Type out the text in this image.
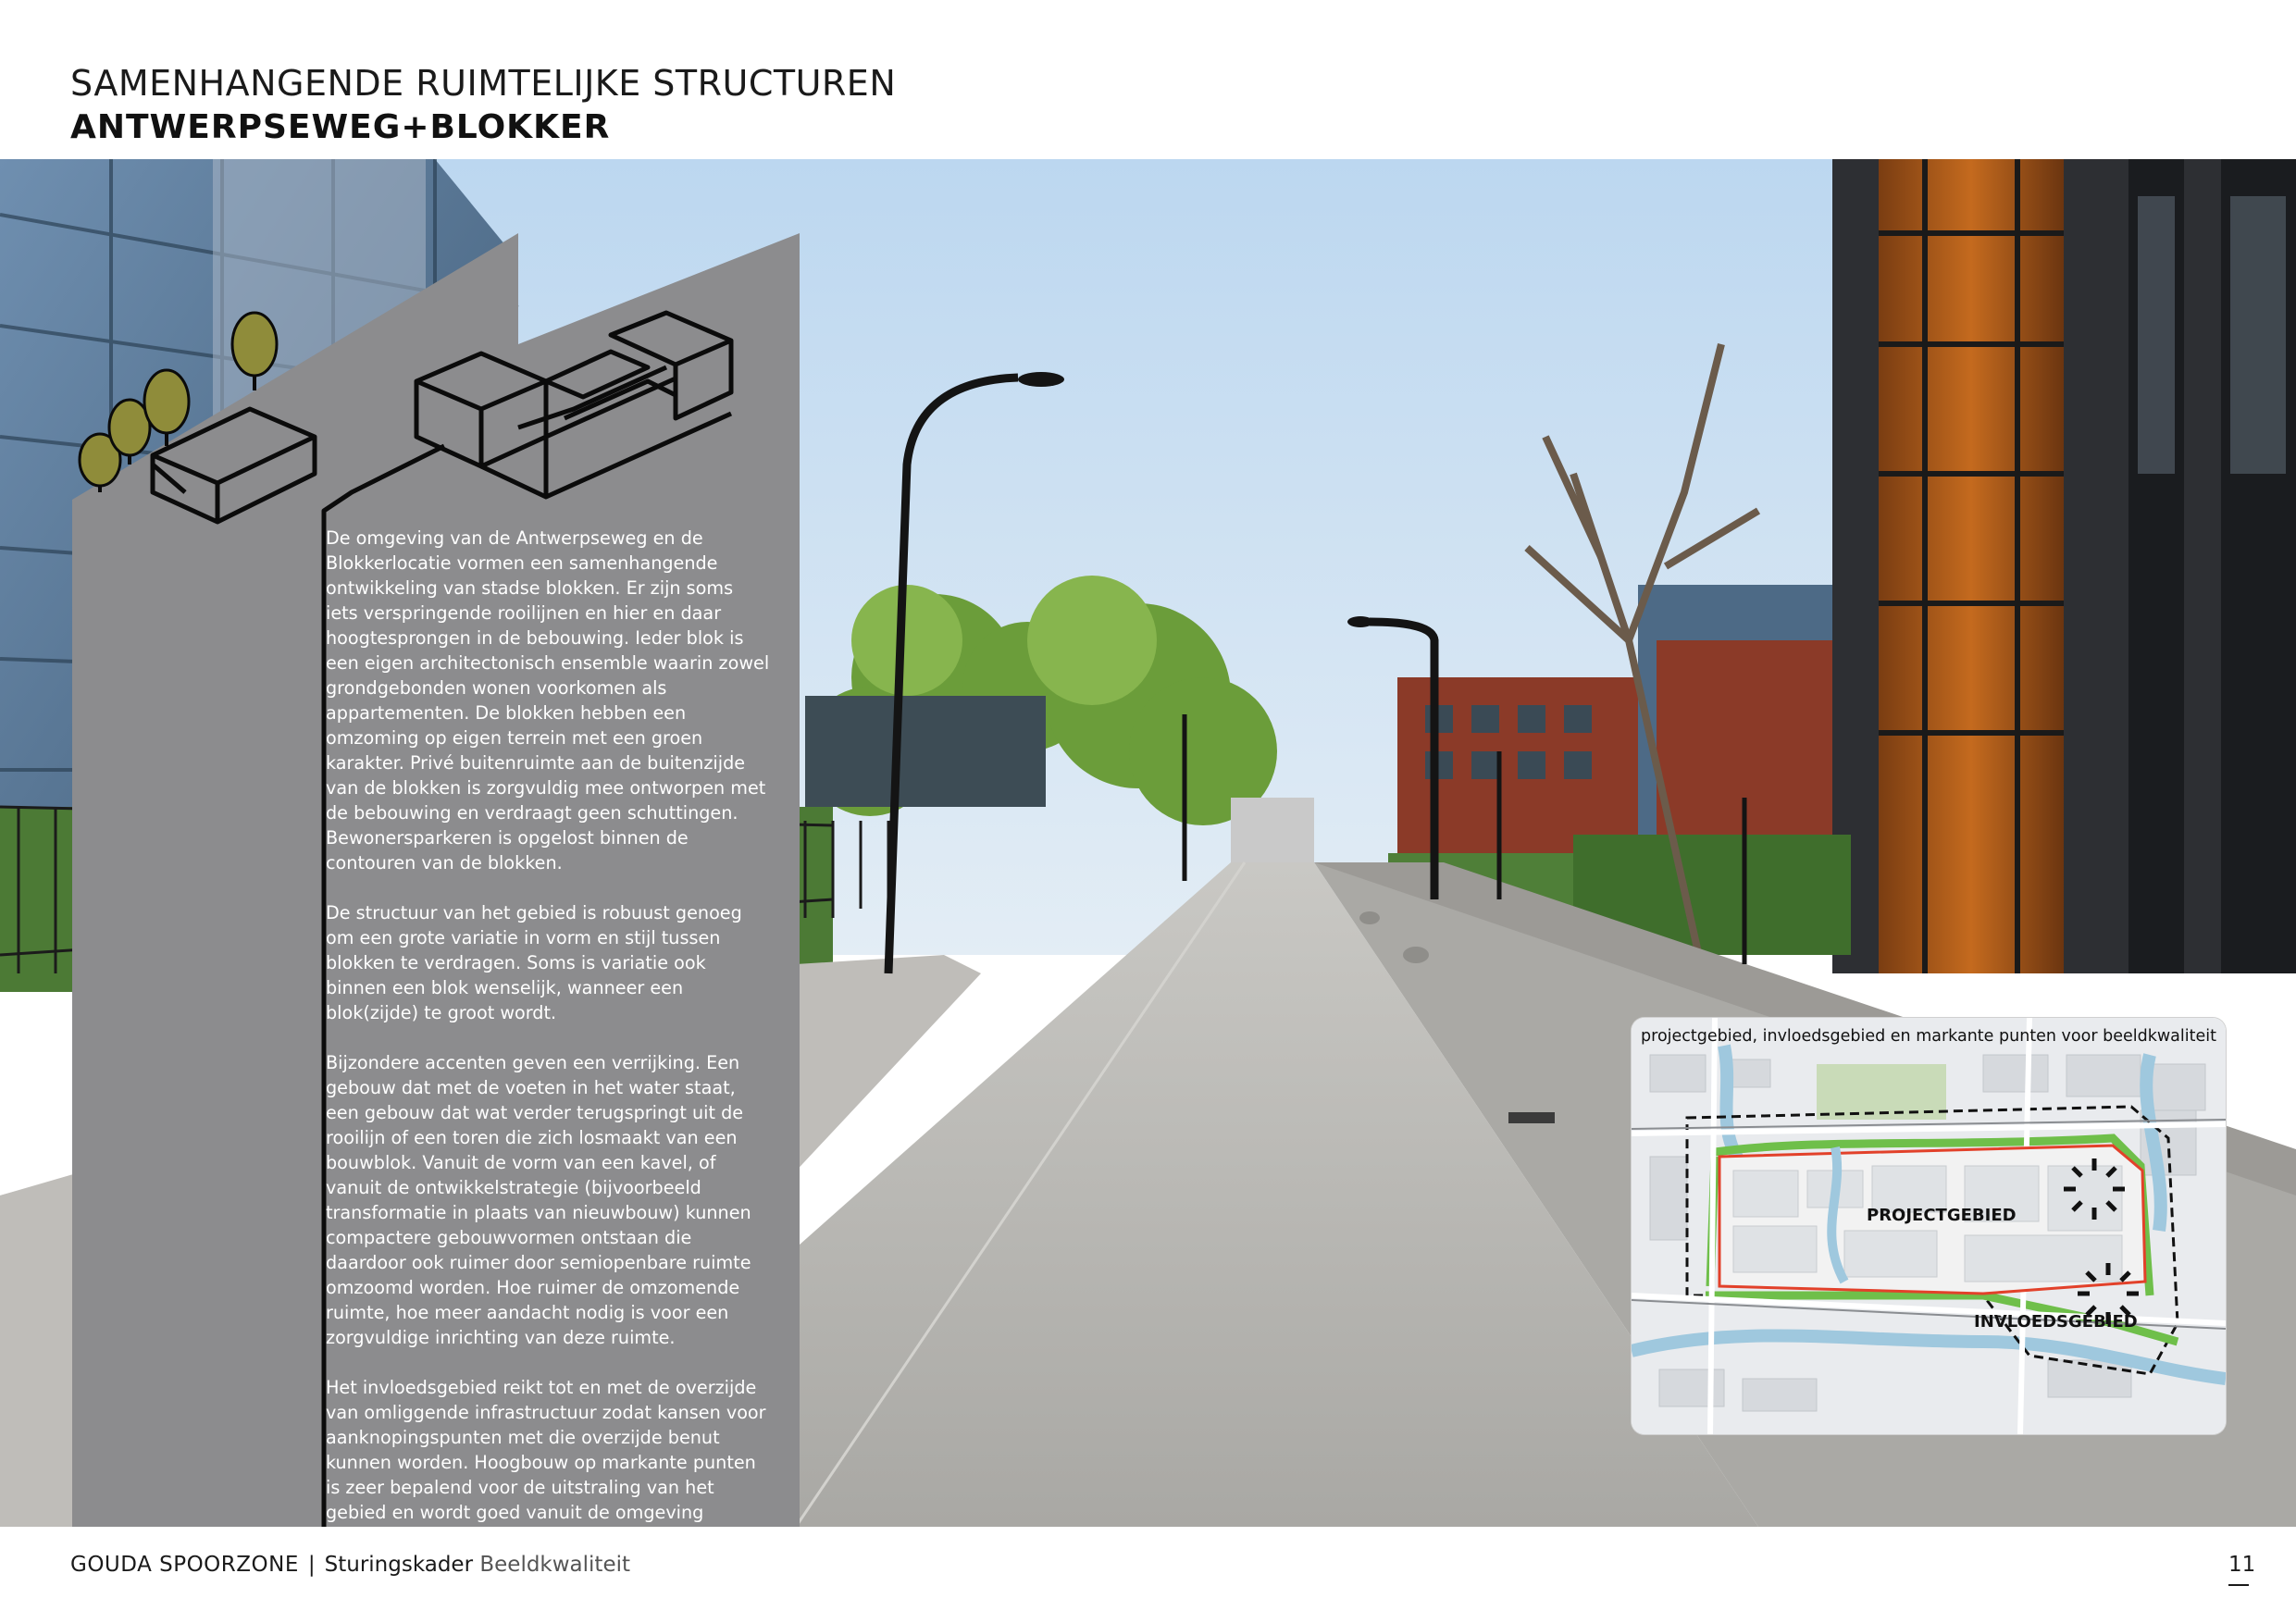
SAMENHANGENDE RUIMTELIJKE STRUCTUREN
ANTWERPSEWEG+BLOKKER

De omgeving van de Antwerpseweg en de Blokkerlocatie vormen een samenhangende ontwikkeling van stadse blokken. Er zijn soms iets verspringende rooilijnen en hier en daar hoogtesprongen in de bebouwing. Ieder blok is een eigen architectonisch ensemble waarin zowel grondgebonden wonen voorkomen als appartementen. De blokken hebben een omzoming op eigen terrein met een groen karakter. Privé buitenruimte aan de buitenzijde van de blokken is zorgvuldig mee ontworpen met de bebouwing en verdraagt geen schuttingen. Bewonersparkeren is opgelost binnen de contouren van de blokken.

De structuur van het gebied is robuust genoeg om een grote variatie in vorm en stijl tussen blokken te verdragen. Soms is variatie ook binnen een blok wenselijk, wanneer een blok(zijde) te groot wordt.

Bijzondere accenten geven een verrijking. Een gebouw dat met de voeten in het water staat, een gebouw dat wat verder terugspringt uit de rooilijn of een toren die zich losmaakt van een bouwblok. Vanuit de vorm van een kavel, of vanuit de ontwikkelstrategie (bijvoorbeeld transformatie in plaats van nieuwbouw) kunnen compactere gebouwvormen ontstaan die daardoor ook ruimer door semiopenbare ruimte omzoomd worden. Hoe ruimer de omzomende ruimte, hoe meer aandacht nodig is voor een zorgvuldige inrichting van deze ruimte.

Het invloedsgebied reikt tot en met de overzijde van omliggende infrastructuur zodat kansen voor aanknopingspunten met die overzijde benut kunnen worden. Hoogbouw op markante punten is zeer bepalend voor de uitstraling van het gebied en wordt goed vanuit de omgeving onderzocht.

projectgebied, invloedsgebied en markante punten voor beeldkwaliteit
PROJECTGEBIED
INVLOEDSGEBIED
GOUDA SPOORZONE | Sturingskader Beeldkwaliteit	11
